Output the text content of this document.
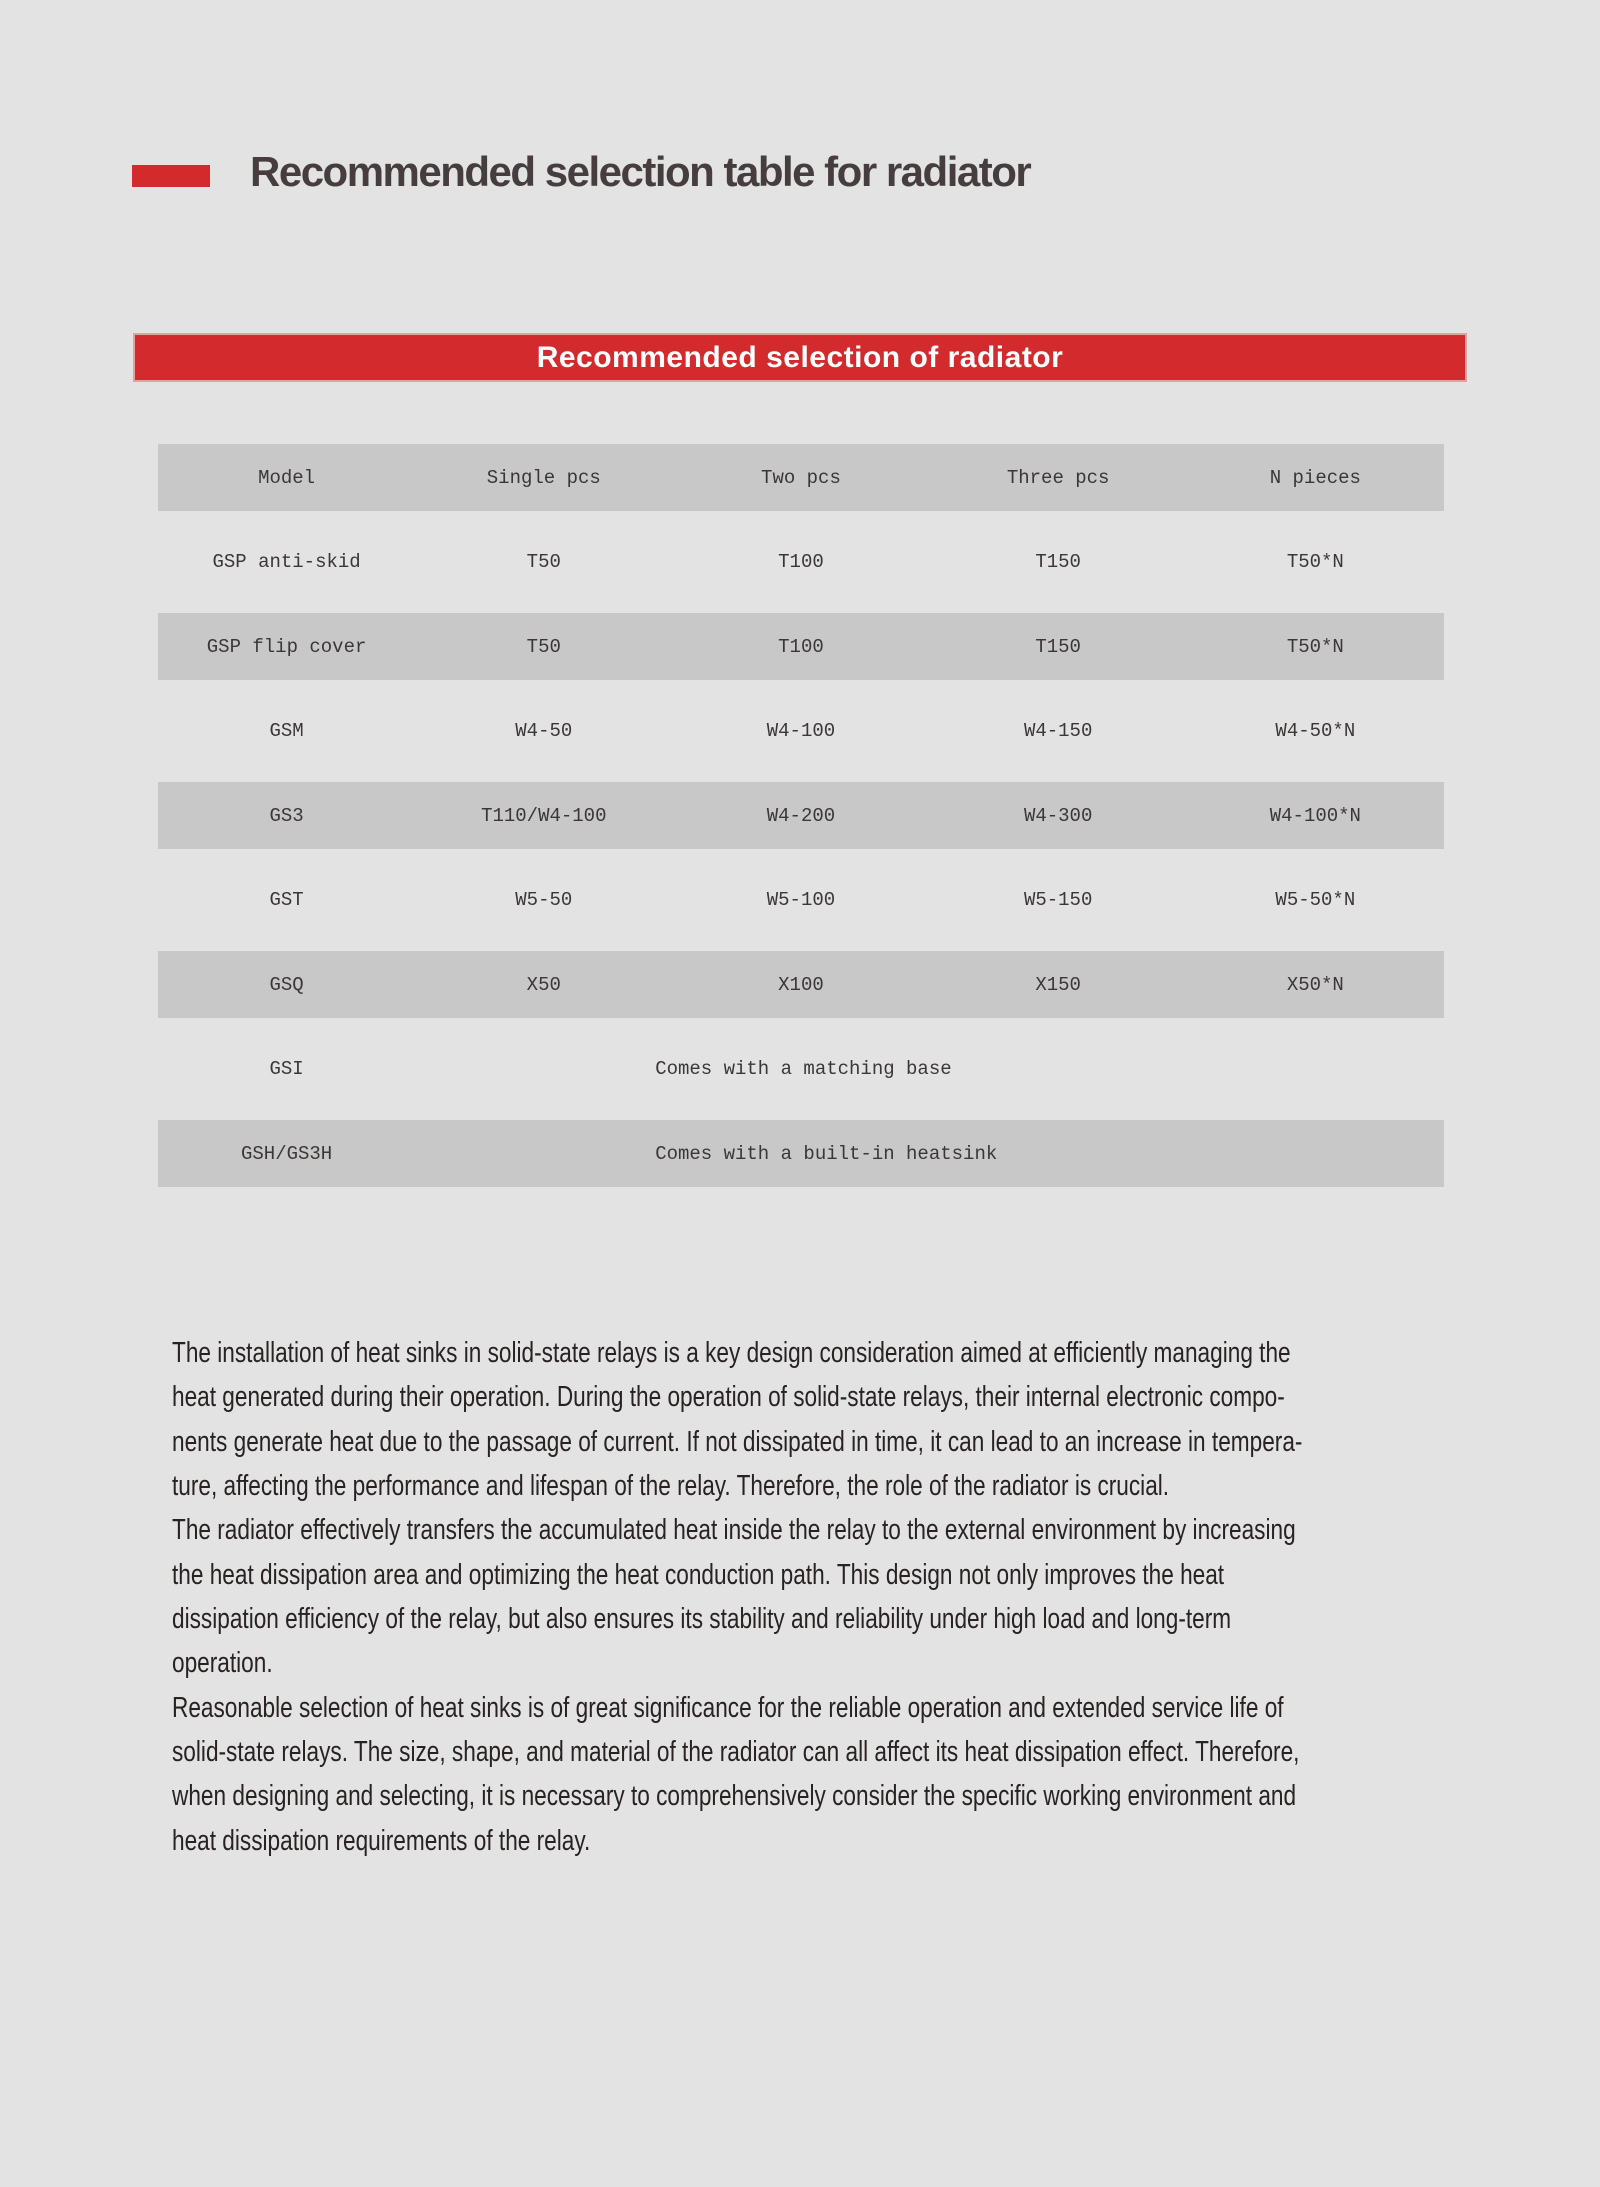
Recommended selection table for radiator
Recommended selection of radiator
Model	Single pcs	Two pcs	Three pcs	N pieces
GSP anti-skid	T50	T100	T150	T50*N
GSP flip cover	T50	T100	T150	T50*N
GSM	W4-50	W4-100	W4-150	W4-50*N
GS3	T110/W4-100	W4-200	W4-300	W4-100*N
GST	W5-50	W5-100	W5-150	W5-50*N
GSQ	X50	X100	X150	X50*N
GSI	Comes with a matching base
GSH/GS3H	Comes with a built-in heatsink
The installation of heat sinks in solid-state relays is a key design consideration aimed at efficiently managing the
heat generated during their operation. During the operation of solid-state relays, their internal electronic compo-
nents generate heat due to the passage of current. If not dissipated in time, it can lead to an increase in tempera-
ture, affecting the performance and lifespan of the relay. Therefore, the role of the radiator is crucial.
The radiator effectively transfers the accumulated heat inside the relay to the external environment by increasing
the heat dissipation area and optimizing the heat conduction path. This design not only improves the heat
dissipation efficiency of the relay, but also ensures its stability and reliability under high load and long-term
operation.
Reasonable selection of heat sinks is of great significance for the reliable operation and extended service life of
solid-state relays. The size, shape, and material of the radiator can all affect its heat dissipation effect. Therefore,
when designing and selecting, it is necessary to comprehensively consider the specific working environment and
heat dissipation requirements of the relay.
